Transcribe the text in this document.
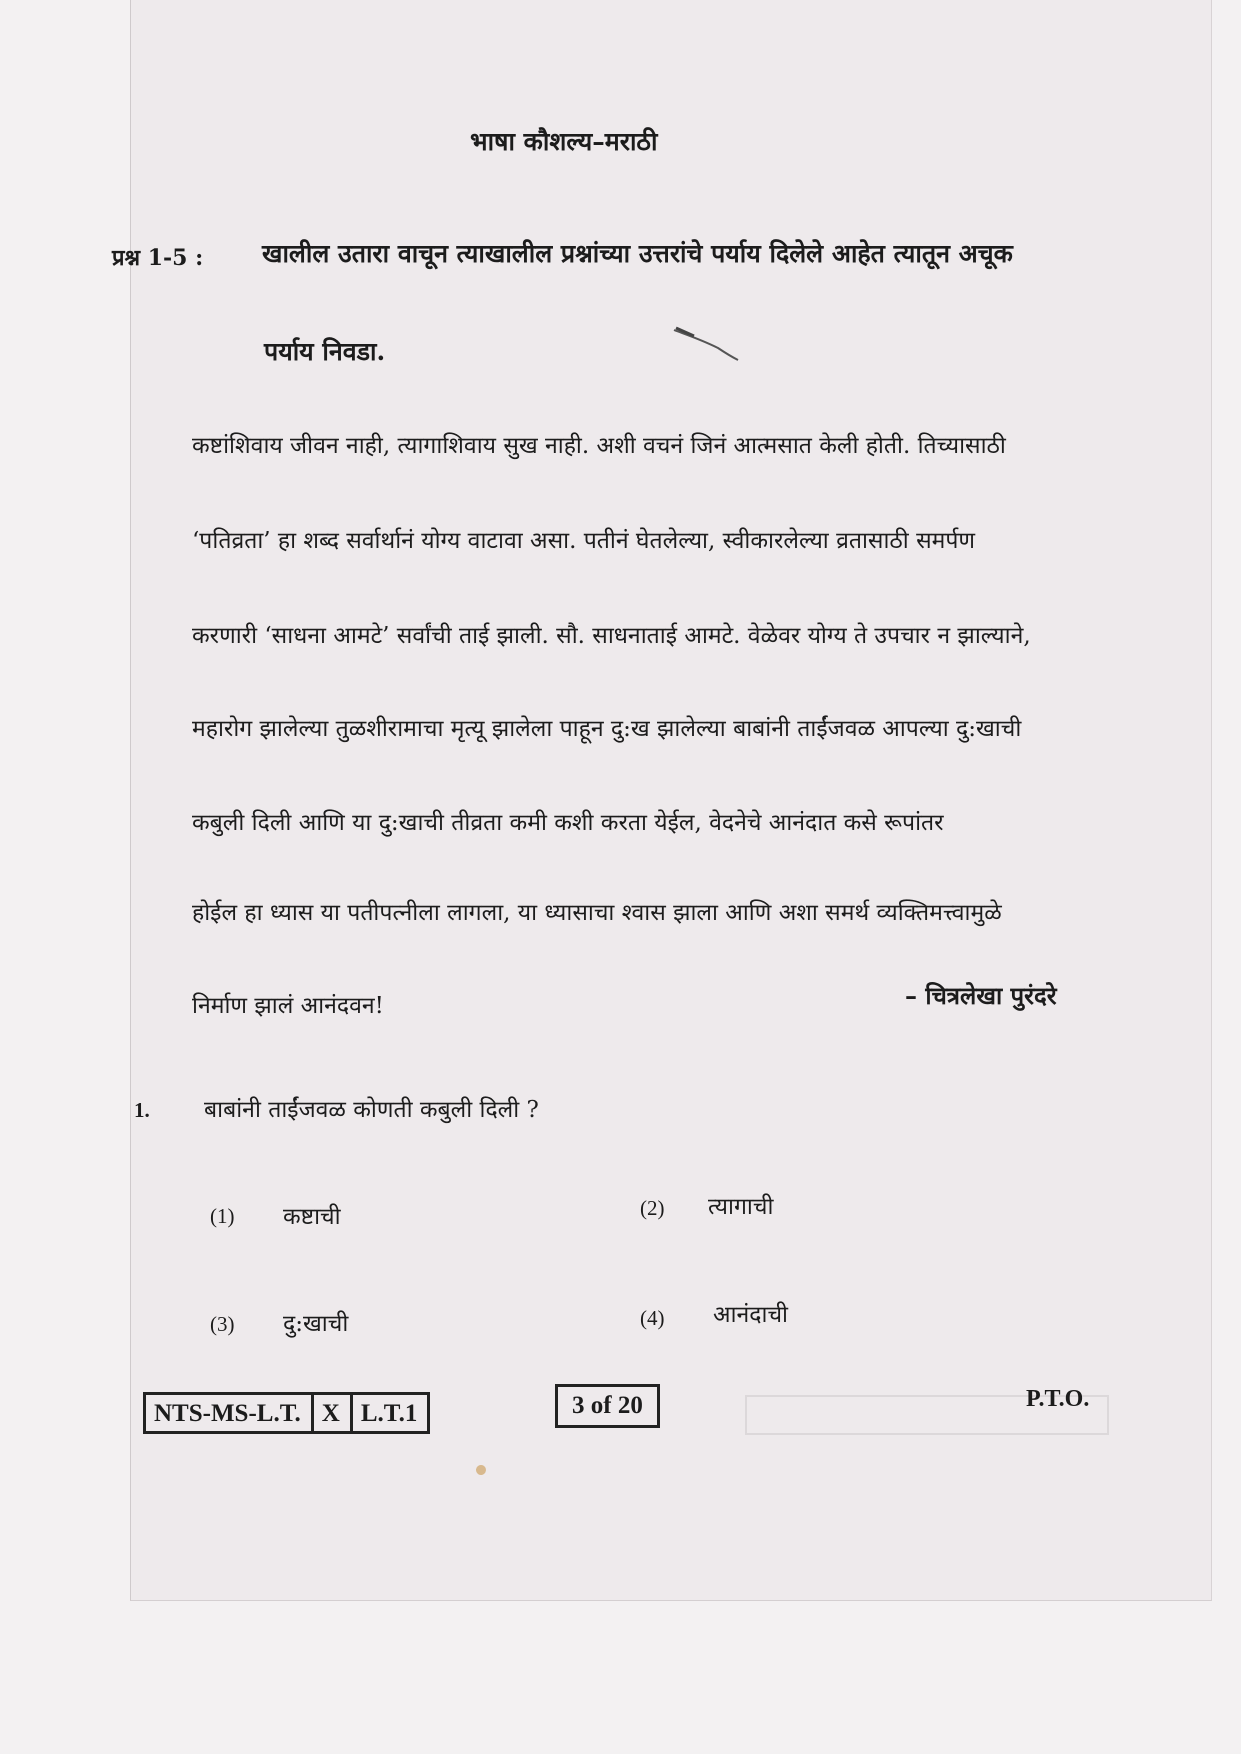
भाषा कौशल्य–मराठी
प्रश्न 1-5 : खालील उतारा वाचून त्याखालील प्रश्नांच्या उत्तरांचे पर्याय दिलेले आहेत त्यातून अचूक
पर्याय निवडा.
कष्टांशिवाय जीवन नाही, त्यागाशिवाय सुख नाही. अशी वचनं जिनं आत्मसात केली होती. तिच्यासाठी
‘पतिव्रता’ हा शब्द सर्वार्थानं योग्य वाटावा असा. पतीनं घेतलेल्या, स्वीकारलेल्या व्रतासाठी समर्पण
करणारी ‘साधना आमटे’ सर्वांची ताई झाली. सौ. साधनाताई आमटे. वेळेवर योग्य ते उपचार न झाल्याने,
महारोग झालेल्या तुळशीरामाचा मृत्यू झालेला पाहून दु:ख झालेल्या बाबांनी ताईंजवळ आपल्या दु:खाची
कबुली दिली आणि या दु:खाची तीव्रता कमी कशी करता येईल, वेदनेचे आनंदात कसे रूपांतर
होईल हा ध्यास या पतीपत्नीला लागला, या ध्यासाचा श्वास झाला आणि अशा समर्थ व्यक्तिमत्त्वामुळे
निर्माण झालं आनंदवन!	– चित्रलेखा पुरंदरे
1. बाबांनी ताईंजवळ कोणती कबुली दिली ?
(1) कष्टाची	(2) त्यागाची
(3) दु:खाची	(4) आनंदाची
NTS-MS-L.T. X L.T.1	3 of 20	P.T.O.
